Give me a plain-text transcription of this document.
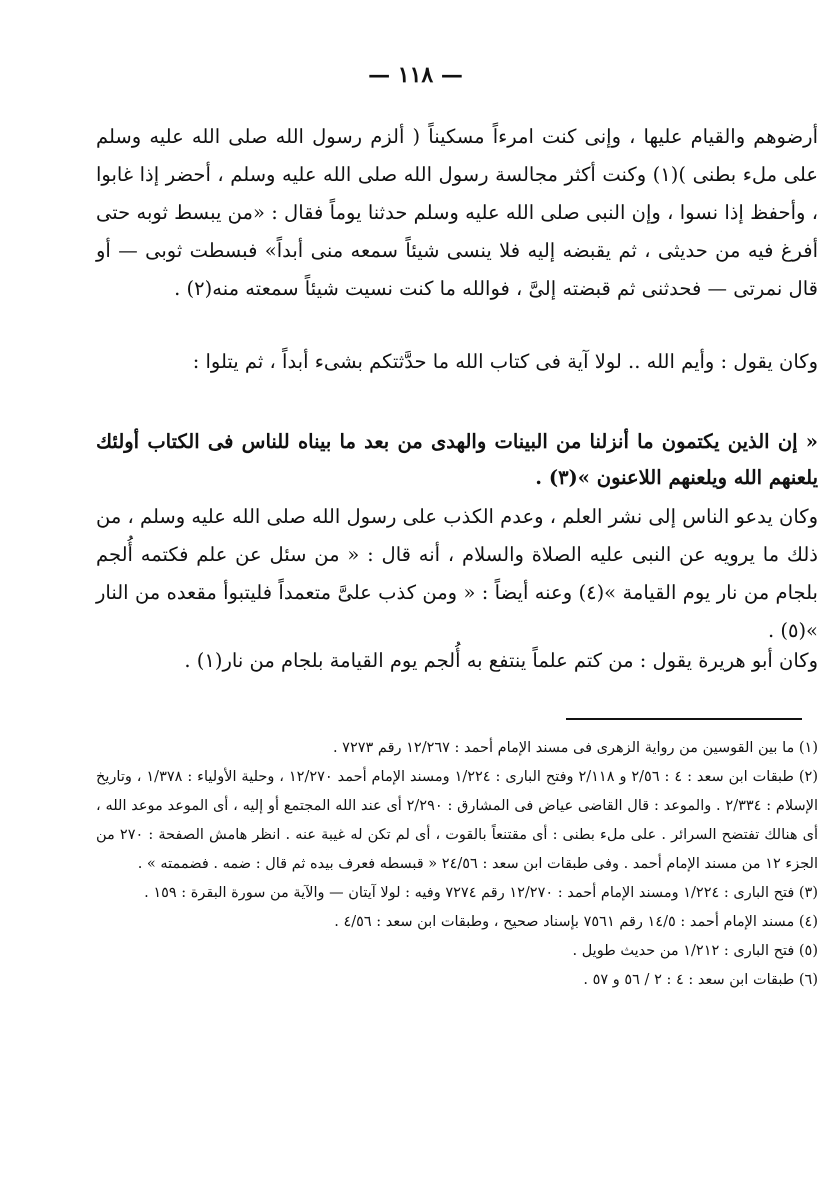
— ١١٨ —

أرضوهم والقيام عليها ، وإنى كنت امرءاً مسكيناً ( ألزم رسول الله صلى الله عليه وسلم على ملء بطنى )(١) وكنت أكثر مجالسة رسول الله صلى الله عليه وسلم ، أحضر إذا غابوا ، وأحفظ إذا نسوا ، وإن النبى صلى الله عليه وسلم حدثنا يوماً فقال : «من يبسط ثوبه حتى أفرغ فيه من حديثى ، ثم يقبضه إليه فلا ينسى شيئاً سمعه منى أبداً» فبسطت ثوبى — أو قال نمرتى — فحدثنى ثم قبضته إلىَّ ، فوالله ما كنت نسيت شيئاً سمعته منه(٢) .

وكان يقول : وأيم الله .. لولا آية فى كتاب الله ما حدَّثتكم بشىء أبداً ، ثم يتلوا :

« إن الذين يكتمون ما أنزلنا من البينات والهدى من بعد ما بيناه للناس فى الكتاب أولئك يلعنهم الله ويلعنهم اللاعنون »(٣) .

وكان يدعو الناس إلى نشر العلم ، وعدم الكذب على رسول الله صلى الله عليه وسلم ، من ذلك ما يرويه عن النبى عليه الصلاة والسلام ، أنه قال : « من سئل عن علم فكتمه أُلجم بلجام من نار يوم القيامة »(٤) وعنه أيضاً : « ومن كذب علىَّ متعمداً فليتبوأ مقعده من النار »(٥) .

وكان أبو هريرة يقول : من كتم علماً ينتفع به أُلجم يوم القيامة بلجام من نار(١) .

(١) ما بين القوسين من رواية الزهرى فى مسند الإمام أحمد : ١٢/٢٦٧ رقم ٧٢٧٣ .

(٢) طبقات ابن سعد : ٤ : ٢/٥٦ و ٢/١١٨ وفتح البارى : ١/٢٢٤ ومسند الإمام أحمد ١٢/٢٧٠ ، وحلية الأولياء : ١/٣٧٨ ، وتاريخ الإسلام : ٢/٣٣٤ . والموعد : قال القاضى عياض فى المشارق : ٢/٢٩٠ أى عند الله المجتمع أو إليه ، أى الموعد موعد الله ، أى هنالك تفتضح السرائر . على ملء بطنى : أى مقتنعاً بالقوت ، أى لم تكن له غيبة عنه . انظر هامش الصفحة : ٢٧٠ من الجزء ١٢ من مسند الإمام أحمد . وفى طبقات ابن سعد : ٢٤/٥٦ « قبسطه فعرف بيده ثم قال : ضمه . فضممته » .

(٣) فتح البارى : ١/٢٢٤ ومسند الإمام أحمد : ١٢/٢٧٠ رقم ٧٢٧٤ وفيه : لولا آيتان — والآية من سورة البقرة : ١٥٩ .

(٤) مسند الإمام أحمد : ١٤/٥ رقم ٧٥٦١ بإسناد صحيح ، وطبقات ابن سعد : ٤/٥٦ .

(٥) فتح البارى : ١/٢١٢ من حديث طويل .

(٦) طبقات ابن سعد : ٤ : ٢ / ٥٦ و ٥٧ .
